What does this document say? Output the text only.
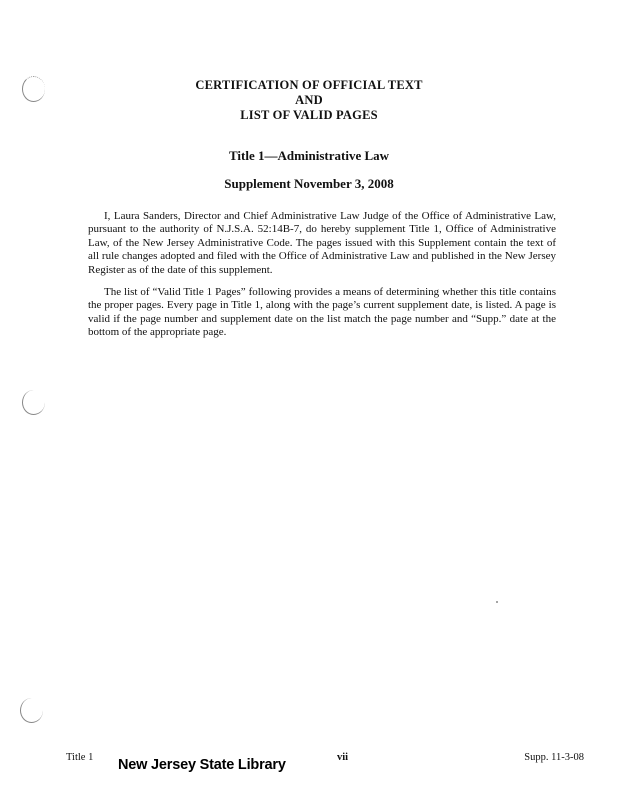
CERTIFICATION OF OFFICIAL TEXT
AND
LIST OF VALID PAGES
Title 1—Administrative Law
Supplement November 3, 2008

I, Laura Sanders, Director and Chief Administrative Law Judge of the Office of Administrative Law, pursuant to the authority of N.J.S.A. 52:14B-7, do hereby supplement Title 1, Office of Administrative Law, of the New Jersey Administrative Code. The pages issued with this Supplement contain the text of all rule changes adopted and filed with the Office of Administrative Law and published in the New Jersey Register as of the date of this supplement.

The list of “Valid Title 1 Pages” following provides a means of determining whether this title contains the proper pages. Every page in Title 1, along with the page’s current supplement date, is listed. A page is valid if the page number and supplement date on the list match the page number and “Supp.” date at the bottom of the appropriate page.

Title 1 New Jersey State Library	vii	Supp. 11-3-08
